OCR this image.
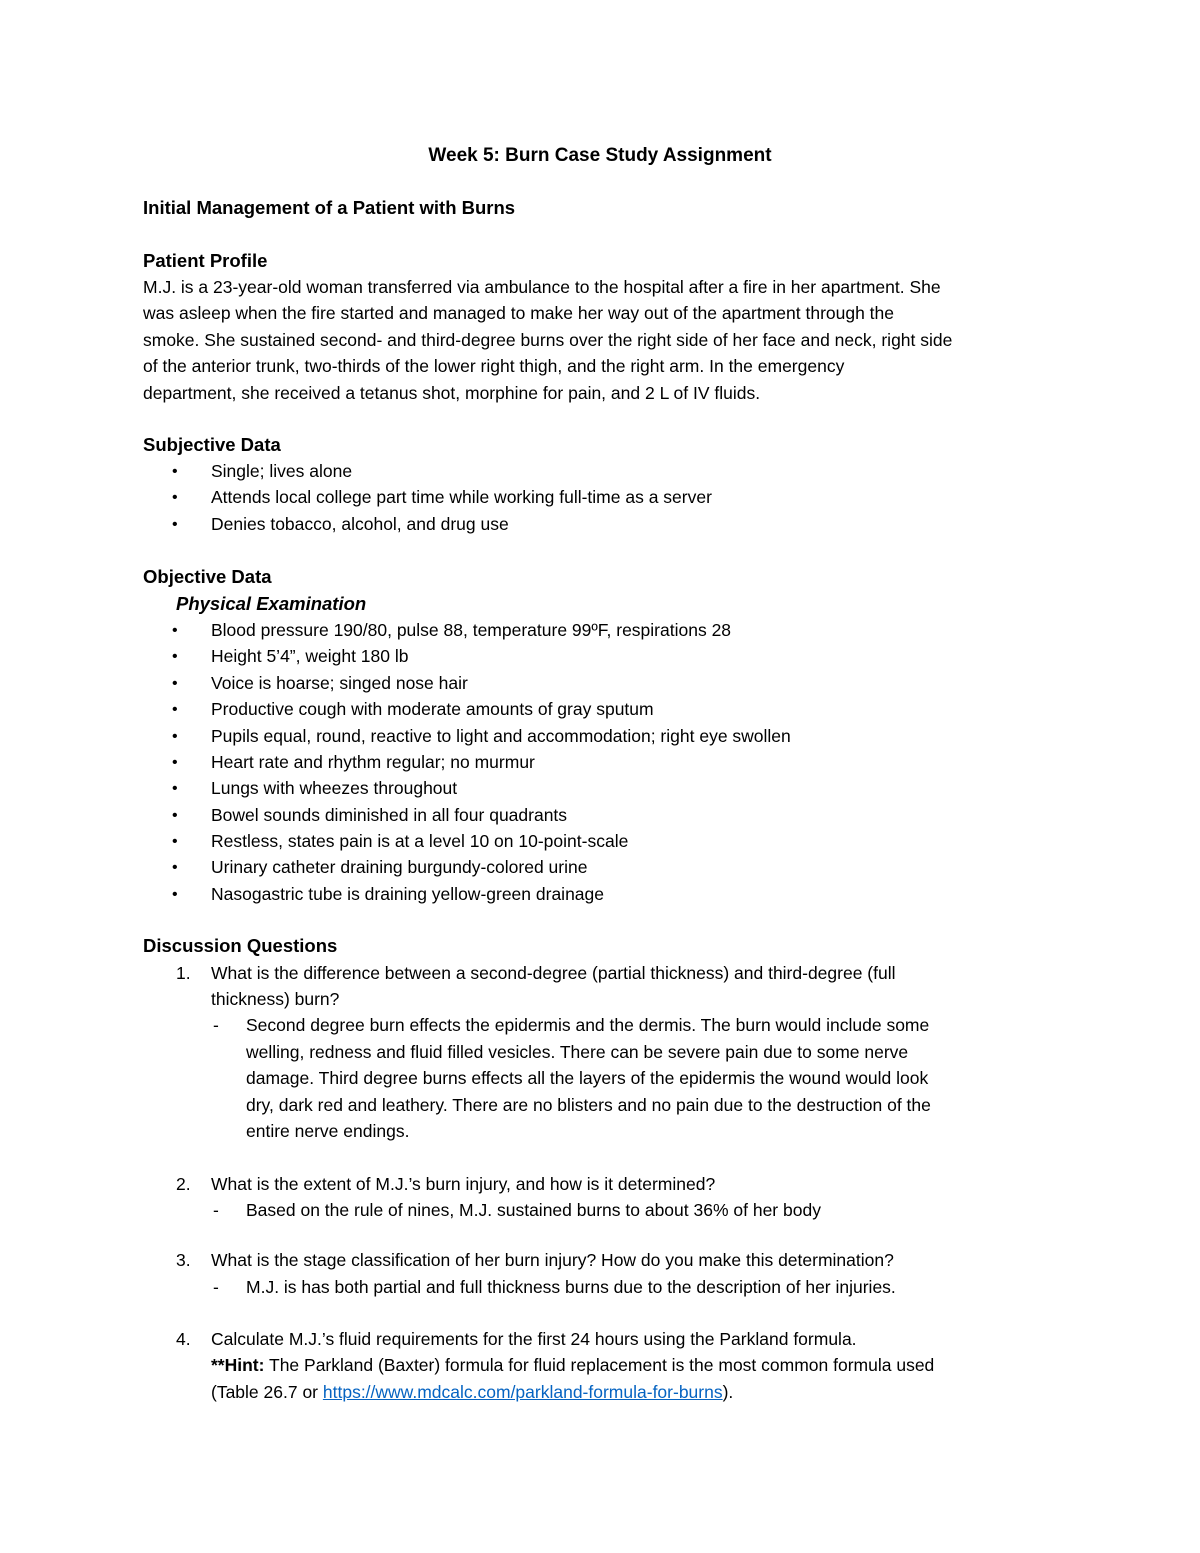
Week 5: Burn Case Study Assignment
Initial Management of a Patient with Burns
Patient Profile
M.J. is a 23-year-old woman transferred via ambulance to the hospital after a fire in her apartment. She
was asleep when the fire started and managed to make her way out of the apartment through the
smoke. She sustained second- and third-degree burns over the right side of her face and neck, right side
of the anterior trunk, two-thirds of the lower right thigh, and the right arm. In the emergency
department, she received a tetanus shot, morphine for pain, and 2 L of IV fluids.
Subjective Data
• Single; lives alone
• Attends local college part time while working full-time as a server
• Denies tobacco, alcohol, and drug use
Objective Data
Physical Examination
• Blood pressure 190/80, pulse 88, temperature 99ºF, respirations 28
• Height 5’4”, weight 180 lb
• Voice is hoarse; singed nose hair
• Productive cough with moderate amounts of gray sputum
• Pupils equal, round, reactive to light and accommodation; right eye swollen
• Heart rate and rhythm regular; no murmur
• Lungs with wheezes throughout
• Bowel sounds diminished in all four quadrants
• Restless, states pain is at a level 10 on 10-point-scale
• Urinary catheter draining burgundy-colored urine
• Nasogastric tube is draining yellow-green drainage
Discussion Questions
1. What is the difference between a second-degree (partial thickness) and third-degree (full
thickness) burn?
- Second degree burn effects the epidermis and the dermis. The burn would include some
welling, redness and fluid filled vesicles. There can be severe pain due to some nerve
damage. Third degree burns effects all the layers of the epidermis the wound would look
dry, dark red and leathery. There are no blisters and no pain due to the destruction of the
entire nerve endings.
2. What is the extent of M.J.’s burn injury, and how is it determined?
- Based on the rule of nines, M.J. sustained burns to about 36% of her body
3. What is the stage classification of her burn injury? How do you make this determination?
- M.J. is has both partial and full thickness burns due to the description of her injuries.
4. Calculate M.J.’s fluid requirements for the first 24 hours using the Parkland formula.
**Hint: The Parkland (Baxter) formula for fluid replacement is the most common formula used
(Table 26.7 or https://www.mdcalc.com/parkland-formula-for-burns).
